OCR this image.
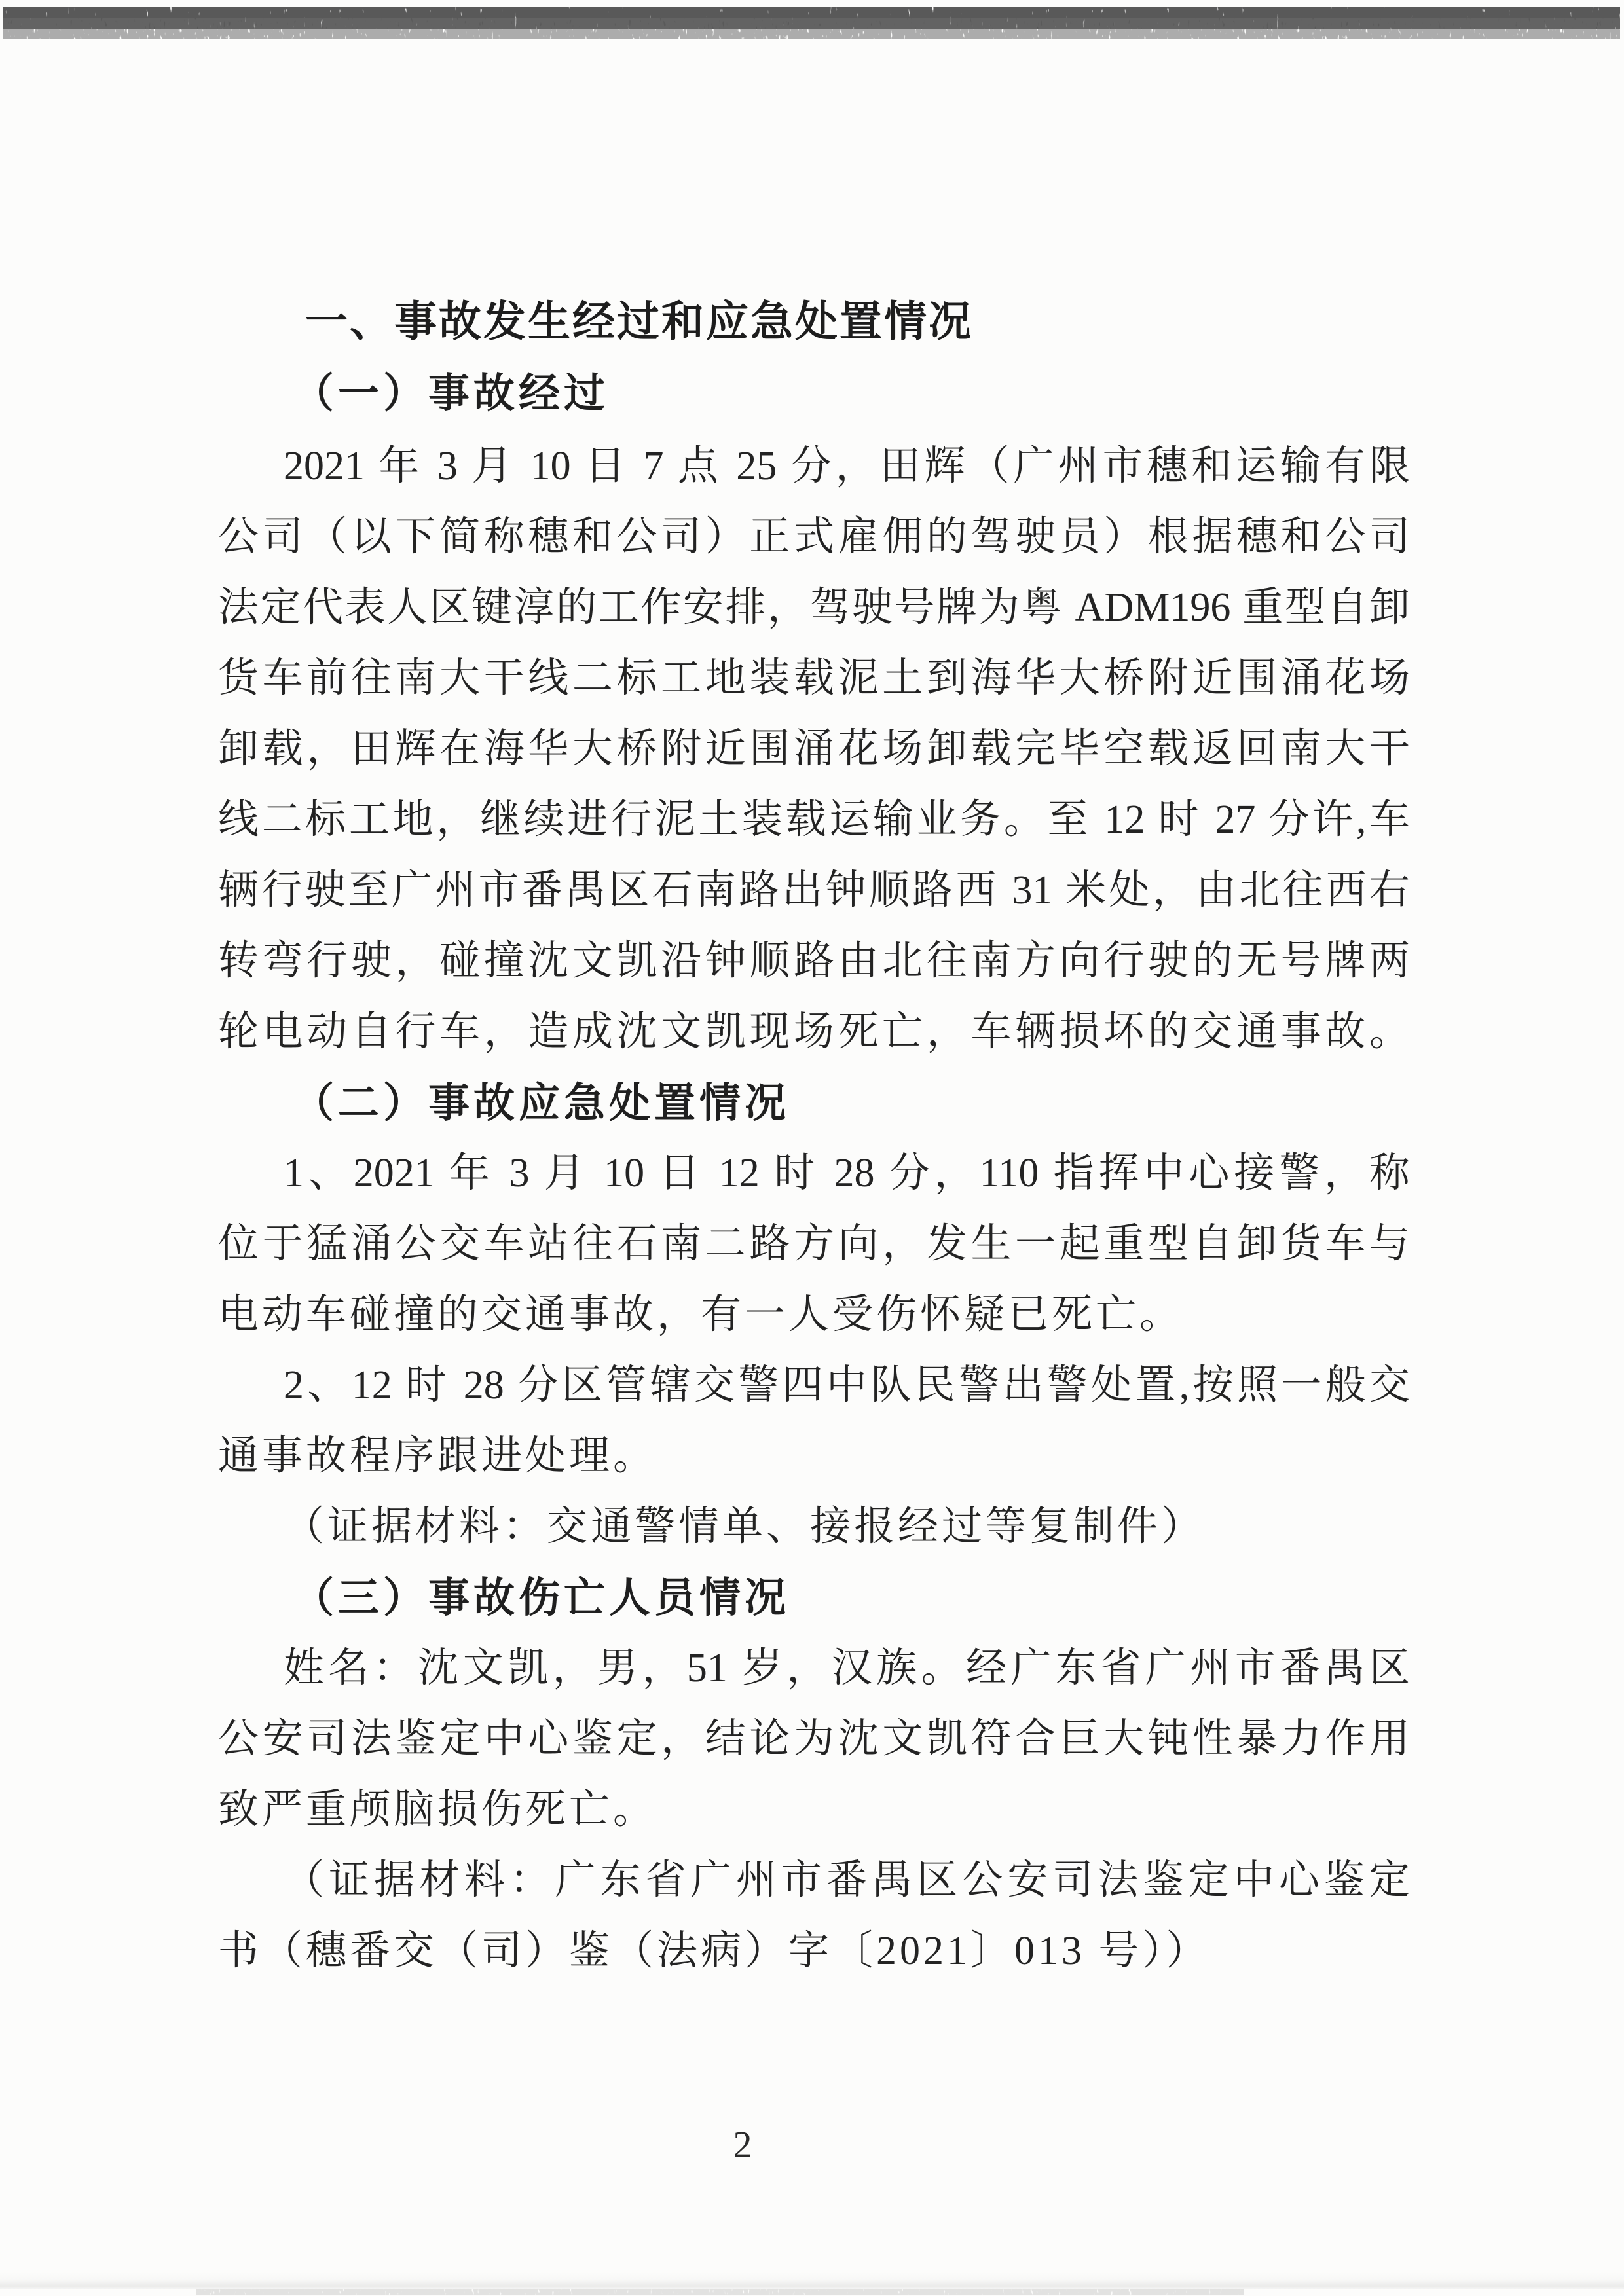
一、事故发生经过和应急处置情况
（一）事故经过
2021 年 3 月 10 日 7 点 25 分，田辉（广州市穗和运输有限
公司（以下简称穗和公司）正式雇佣的驾驶员）根据穗和公司
法定代表人区键淳的工作安排，驾驶号牌为粤 ADM196 重型自卸
货车前往南大干线二标工地装载泥土到海华大桥附近围涌花场
卸载，田辉在海华大桥附近围涌花场卸载完毕空载返回南大干
线二标工地，继续进行泥土装载运输业务。至 12 时 27 分许,车
辆行驶至广州市番禺区石南路出钟顺路西 31 米处，由北往西右
转弯行驶，碰撞沈文凯沿钟顺路由北往南方向行驶的无号牌两
轮电动自行车，造成沈文凯现场死亡，车辆损坏的交通事故。
（二）事故应急处置情况
1、2021 年 3 月 10 日 12 时 28 分，110 指挥中心接警，称
位于猛涌公交车站往石南二路方向，发生一起重型自卸货车与
电动车碰撞的交通事故，有一人受伤怀疑已死亡。
2、12 时 28 分区管辖交警四中队民警出警处置,按照一般交
通事故程序跟进处理。
（证据材料：交通警情单、接报经过等复制件）
（三）事故伤亡人员情况
姓名：沈文凯，男，51 岁，汉族。经广东省广州市番禺区
公安司法鉴定中心鉴定，结论为沈文凯符合巨大钝性暴力作用
致严重颅脑损伤死亡。
（证据材料：广东省广州市番禺区公安司法鉴定中心鉴定
书（穗番交（司）鉴（法病）字〔2021〕013 号））
2
